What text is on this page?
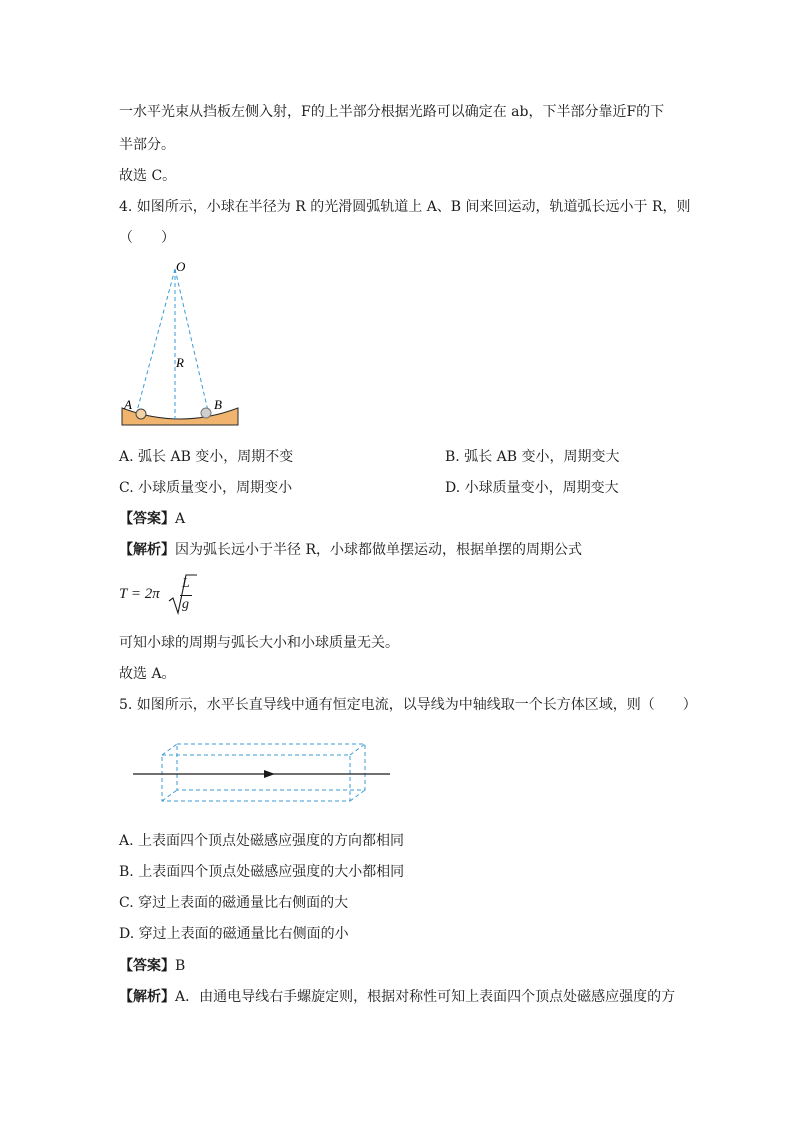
一水平光束从挡板左侧入射，F的上半部分根据光路可以确定在 ab，下半部分靠近F的下
半部分。
故选 C。
4. 如图所示，小球在半径为 R 的光滑圆弧轨道上 A、B 间来回运动，轨道弧长远小于 R，则
（　　）
O
R
A	B
A. 弧长 AB 变小，周期不变	B. 弧长 AB 变小，周期变大
C. 小球质量变小，周期变小	D. 小球质量变小，周期变大
【答案】A
【解析】因为弧长远小于半径 R，小球都做单摆运动，根据单摆的周期公式
T = 2π
L
g
可知小球的周期与弧长大小和小球质量无关。
故选 A。
5. 如图所示，水平长直导线中通有恒定电流，以导线为中轴线取一个长方体区域，则（　　）
A. 上表面四个顶点处磁感应强度的方向都相同
B. 上表面四个顶点处磁感应强度的大小都相同
C. 穿过上表面的磁通量比右侧面的大
D. 穿过上表面的磁通量比右侧面的小
【答案】B
【解析】A．由通电导线右手螺旋定则，根据对称性可知上表面四个顶点处磁感应强度的方
